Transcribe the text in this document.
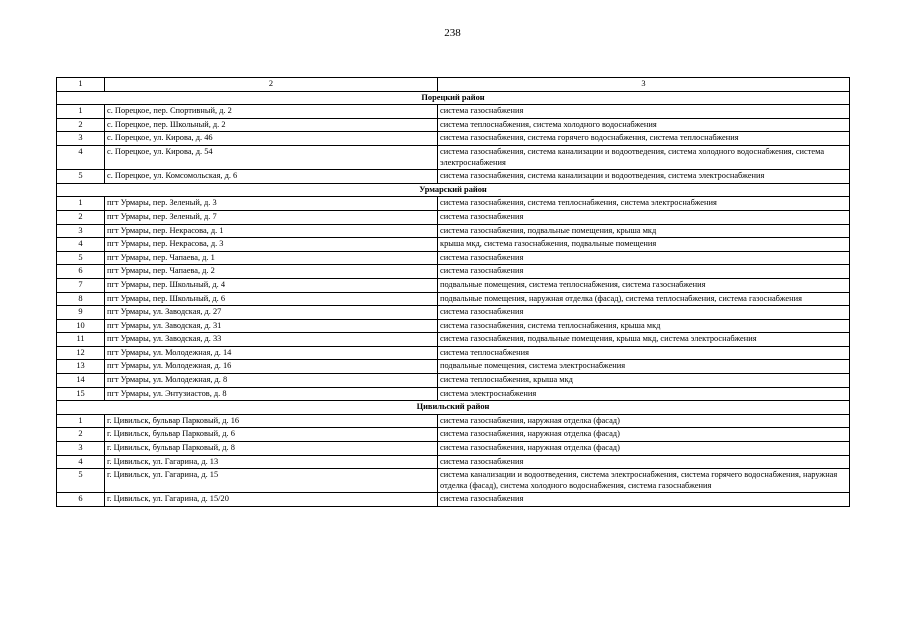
238
1	2	3
Порецкий район		
1	с. Порецкое, пер. Спортивный, д. 2	система газоснабжения
2	с. Порецкое, пер. Школьный, д. 2	система теплоснабжения, система холодного водоснабжения
3	с. Порецкое, ул. Кирова, д. 46	система газоснабжения, система горячего водоснабжения, система теплоснабжения
4	с. Порецкое, ул. Кирова, д. 54	система газоснабжения, система канализации и водоотведения, система холодного водоснабжения, система электроснабжения
5	с. Порецкое, ул. Комсомольская, д. 6	система газоснабжения, система канализации и водоотведения, система электроснабжения
Урмарский район		
1	пгт Урмары, пер. Зеленый, д. 3	система газоснабжения, система теплоснабжения, система электроснабжения
2	пгт Урмары, пер. Зеленый, д. 7	система газоснабжения
3	пгт Урмары, пер. Некрасова, д. 1	система газоснабжения, подвальные помещения, крыша мкд
4	пгт Урмары, пер. Некрасова, д. 3	крыша мкд, система газоснабжения, подвальные помещения
5	пгт Урмары, пер. Чапаева, д. 1	система газоснабжения
6	пгт Урмары, пер. Чапаева, д. 2	система газоснабжения
7	пгт Урмары, пер. Школьный, д. 4	подвальные помещения, система теплоснабжения, система газоснабжения
8	пгт Урмары, пер. Школьный, д. 6	подвальные помещения, наружная отделка (фасад), система теплоснабжения, система газоснабжения
9	пгт Урмары, ул. Заводская, д. 27	система газоснабжения
10	пгт Урмары, ул. Заводская, д. 31	система газоснабжения, система теплоснабжения, крыша мкд
11	пгт Урмары, ул. Заводская, д. 33	система газоснабжения, подвальные помещения, крыша мкд, система электроснабжения
12	пгт Урмары, ул. Молодежная, д. 14	система теплоснабжения
13	пгт Урмары, ул. Молодежная, д. 16	подвальные помещения, система электроснабжения
14	пгт Урмары, ул. Молодежная, д. 8	система теплоснабжения, крыша мкд
15	пгт Урмары, ул. Энтузиастов, д. 8	система электроснабжения
Цивильский район		
1	г. Цивильск, бульвар Парковый, д. 16	система газоснабжения, наружная отделка (фасад)
2	г. Цивильск, бульвар Парковый, д. 6	система газоснабжения, наружная отделка (фасад)
3	г. Цивильск, бульвар Парковый, д. 8	система газоснабжения, наружная отделка (фасад)
4	г. Цивильск, ул. Гагарина, д. 13	система газоснабжения
5	г. Цивильск, ул. Гагарина, д. 15	система канализации и водоотведения, система электроснабжения, система горячего водоснабжения, наружная отделка (фасад), система холодного водоснабжения, система газоснабжения
6	г. Цивильск, ул. Гагарина, д. 15/20	система газоснабжения
